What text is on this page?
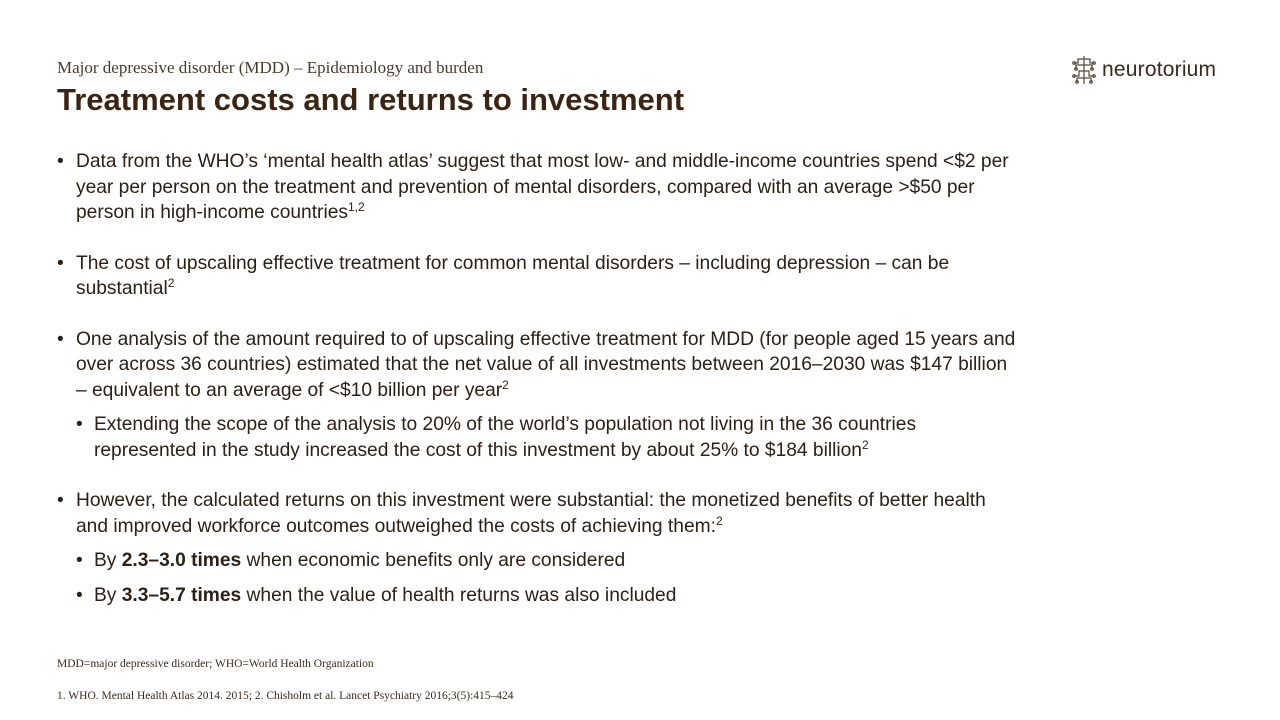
Major depressive disorder (MDD) – Epidemiology and burden
Treatment costs and returns to investment
neurotorium
• Data from the WHO’s ‘mental health atlas’ suggest that most low- and middle-income countries spend <$2 per year per person on the treatment and prevention of mental disorders, compared with an average >$50 per person in high-income countries$^{1,2}$
• The cost of upscaling effective treatment for common mental disorders – including depression – can be substantial$^2$
• One analysis of the amount required to of upscaling effective treatment for MDD (for people aged 15 years and over across 36 countries) estimated that the net value of all investments between 2016–2030 was $147 billion – equivalent to an average of <$10 billion per year$^2$
• Extending the scope of the analysis to 20% of the world’s population not living in the 36 countries represented in the study increased the cost of this investment by about 25% to $184 billion$^2$
• However, the calculated returns on this investment were substantial: the monetized benefits of better health and improved workforce outcomes outweighed the costs of achieving them:$^2$
• By 2.3–3.0 times when economic benefits only are considered
• By 3.3–5.7 times when the value of health returns was also included
MDD=major depressive disorder; WHO=World Health Organization
1. WHO. Mental Health Atlas 2014. 2015; 2. Chisholm et al. Lancet Psychiatry 2016;3(5):415–424
